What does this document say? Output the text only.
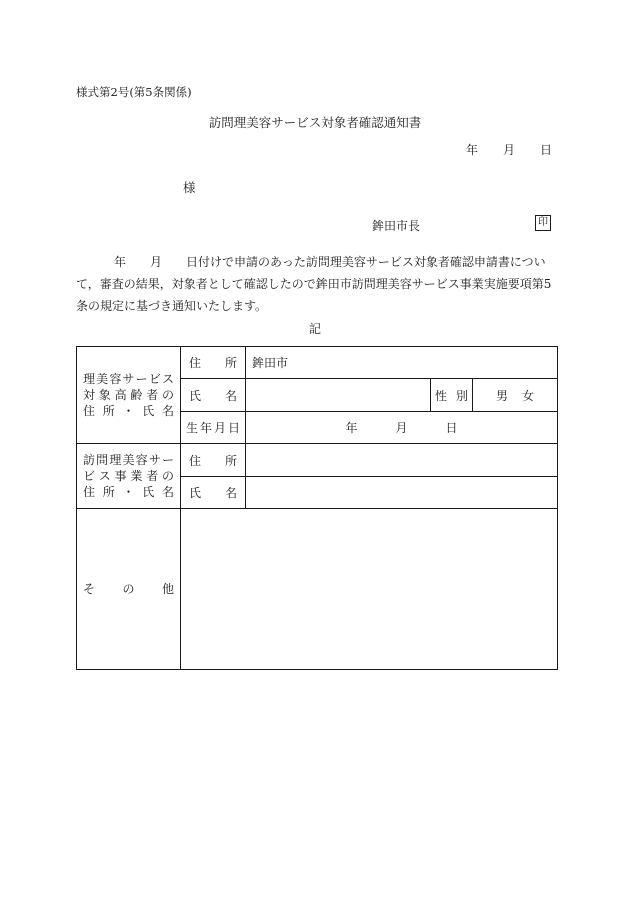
様式第2号(第5条関係)
訪問理美容サービス対象者確認通知書
年 月 日
様
鉾田市長	印
年 月 日付けで申請のあった訪問理美容サービス対象者確認申請書につい
て，審査の結果，対象者として確認したので鉾田市訪問理美容サービス事業実施要項第5
条の規定に基づき通知いたします。
記
理美容サービス
対象高齢者の
住所・氏名	住所	鉾田市		
	氏名		性別	男 女
	生年月日	年 月 日		

訪問理美容サー
ビス事業者の
住所・氏名	住所			
	氏名			
その他				
